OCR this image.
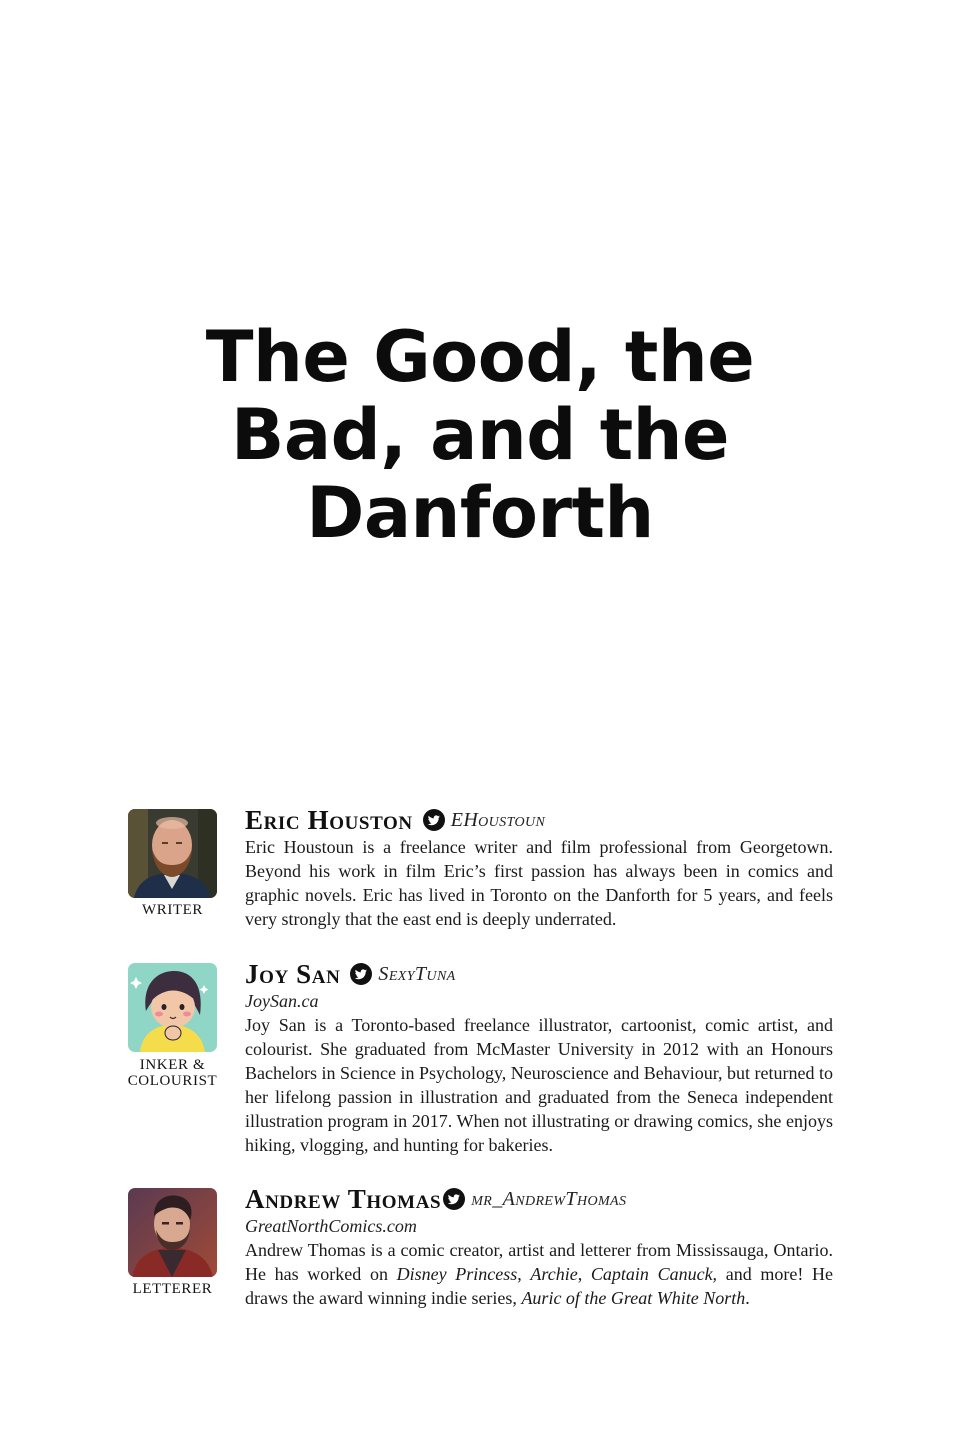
The Good, the
Bad, and the
Danforth
WRITER
Eric Houston EHoustoun

Eric Houstoun is a freelance writer and film professional from Georgetown. Beyond his work in film Eric’s first passion has always been in comics and graphic novels. Eric has lived in Toronto on the Danforth for 5 years, and feels very strongly that the east end is deeply underrated.

INKER &
COLOURIST
Joy San SexyTuna
JoySan.ca

Joy San is a Toronto-based freelance illustrator, cartoonist, comic artist, and colourist. She graduated from McMaster University in 2012 with an Honours Bachelors in Science in Psychology, Neuroscience and Behaviour, but returned to her lifelong passion in illustration and graduated from the Seneca independent illustration program in 2017. When not illustrating or drawing comics, she enjoys hiking, vlogging, and hunting for bakeries.

LETTERER
Andrew Thomas mr_AndrewThomas
GreatNorthComics.com

Andrew Thomas is a comic creator, artist and letterer from Mississauga, Ontario. He has worked on Disney Princess, Archie, Captain Canuck, and more! He draws the award winning indie series, Auric of the Great White North.
